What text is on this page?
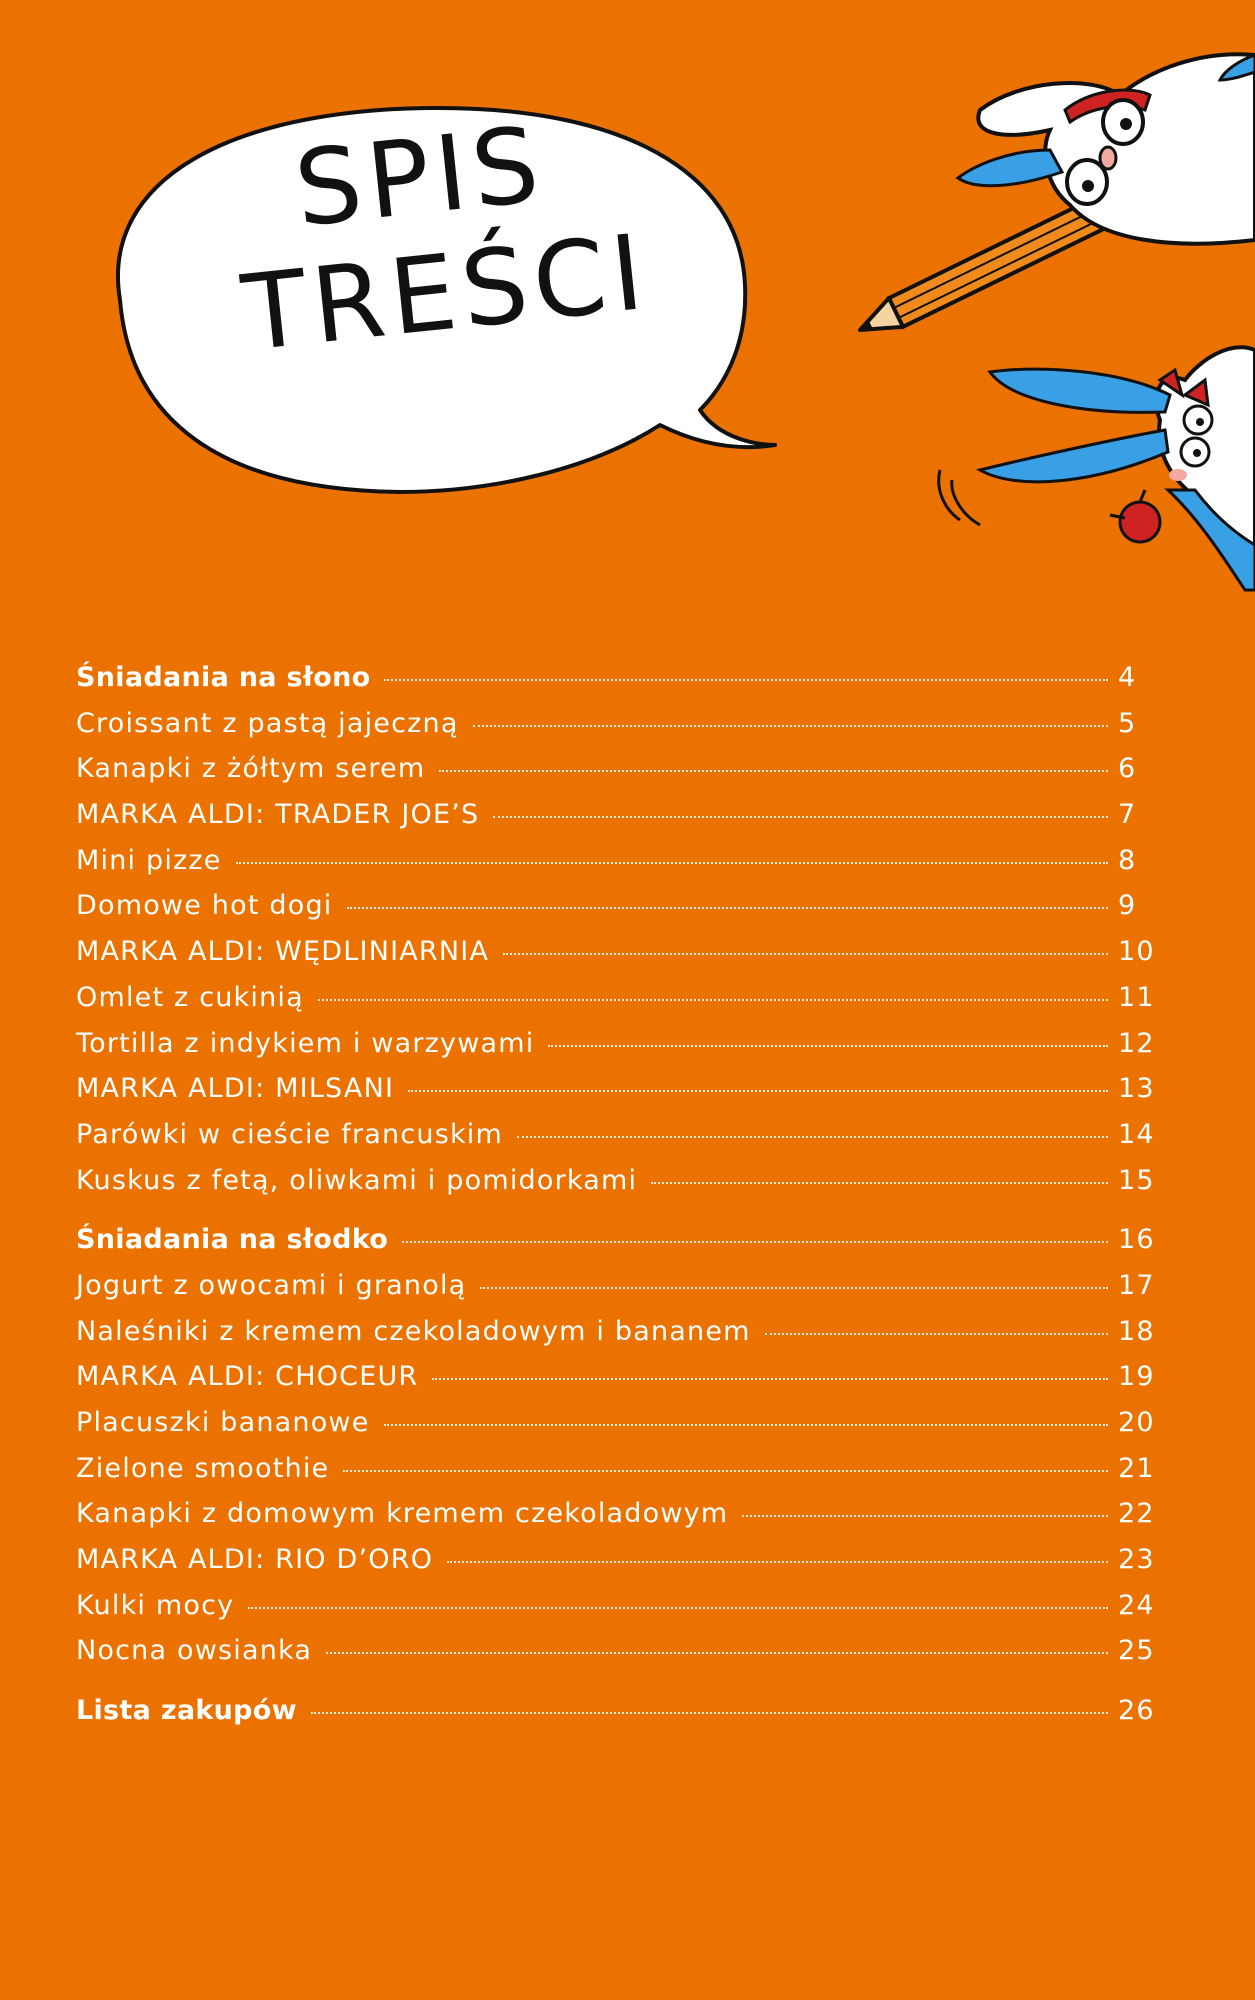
SPIS
TREŚCI
Śniadania na słono	4
Croissant z pastą jajeczną	5
Kanapki z żółtym serem	6
MARKA ALDI: TRADER JOE’S	7
Mini pizze	8
Domowe hot dogi	9
MARKA ALDI: WĘDLINIARNIA	10
Omlet z cukinią	11
Tortilla z indykiem i warzywami	12
MARKA ALDI: MILSANI	13
Parówki w cieście francuskim	14
Kuskus z fetą, oliwkami i pomidorkami	15
Śniadania na słodko	16
Jogurt z owocami i granolą	17
Naleśniki z kremem czekoladowym i bananem	18
MARKA ALDI: CHOCEUR	19
Placuszki bananowe	20
Zielone smoothie	21
Kanapki z domowym kremem czekoladowym	22
MARKA ALDI: RIO D’ORO	23
Kulki mocy	24
Nocna owsianka	25
Lista zakupów	26
